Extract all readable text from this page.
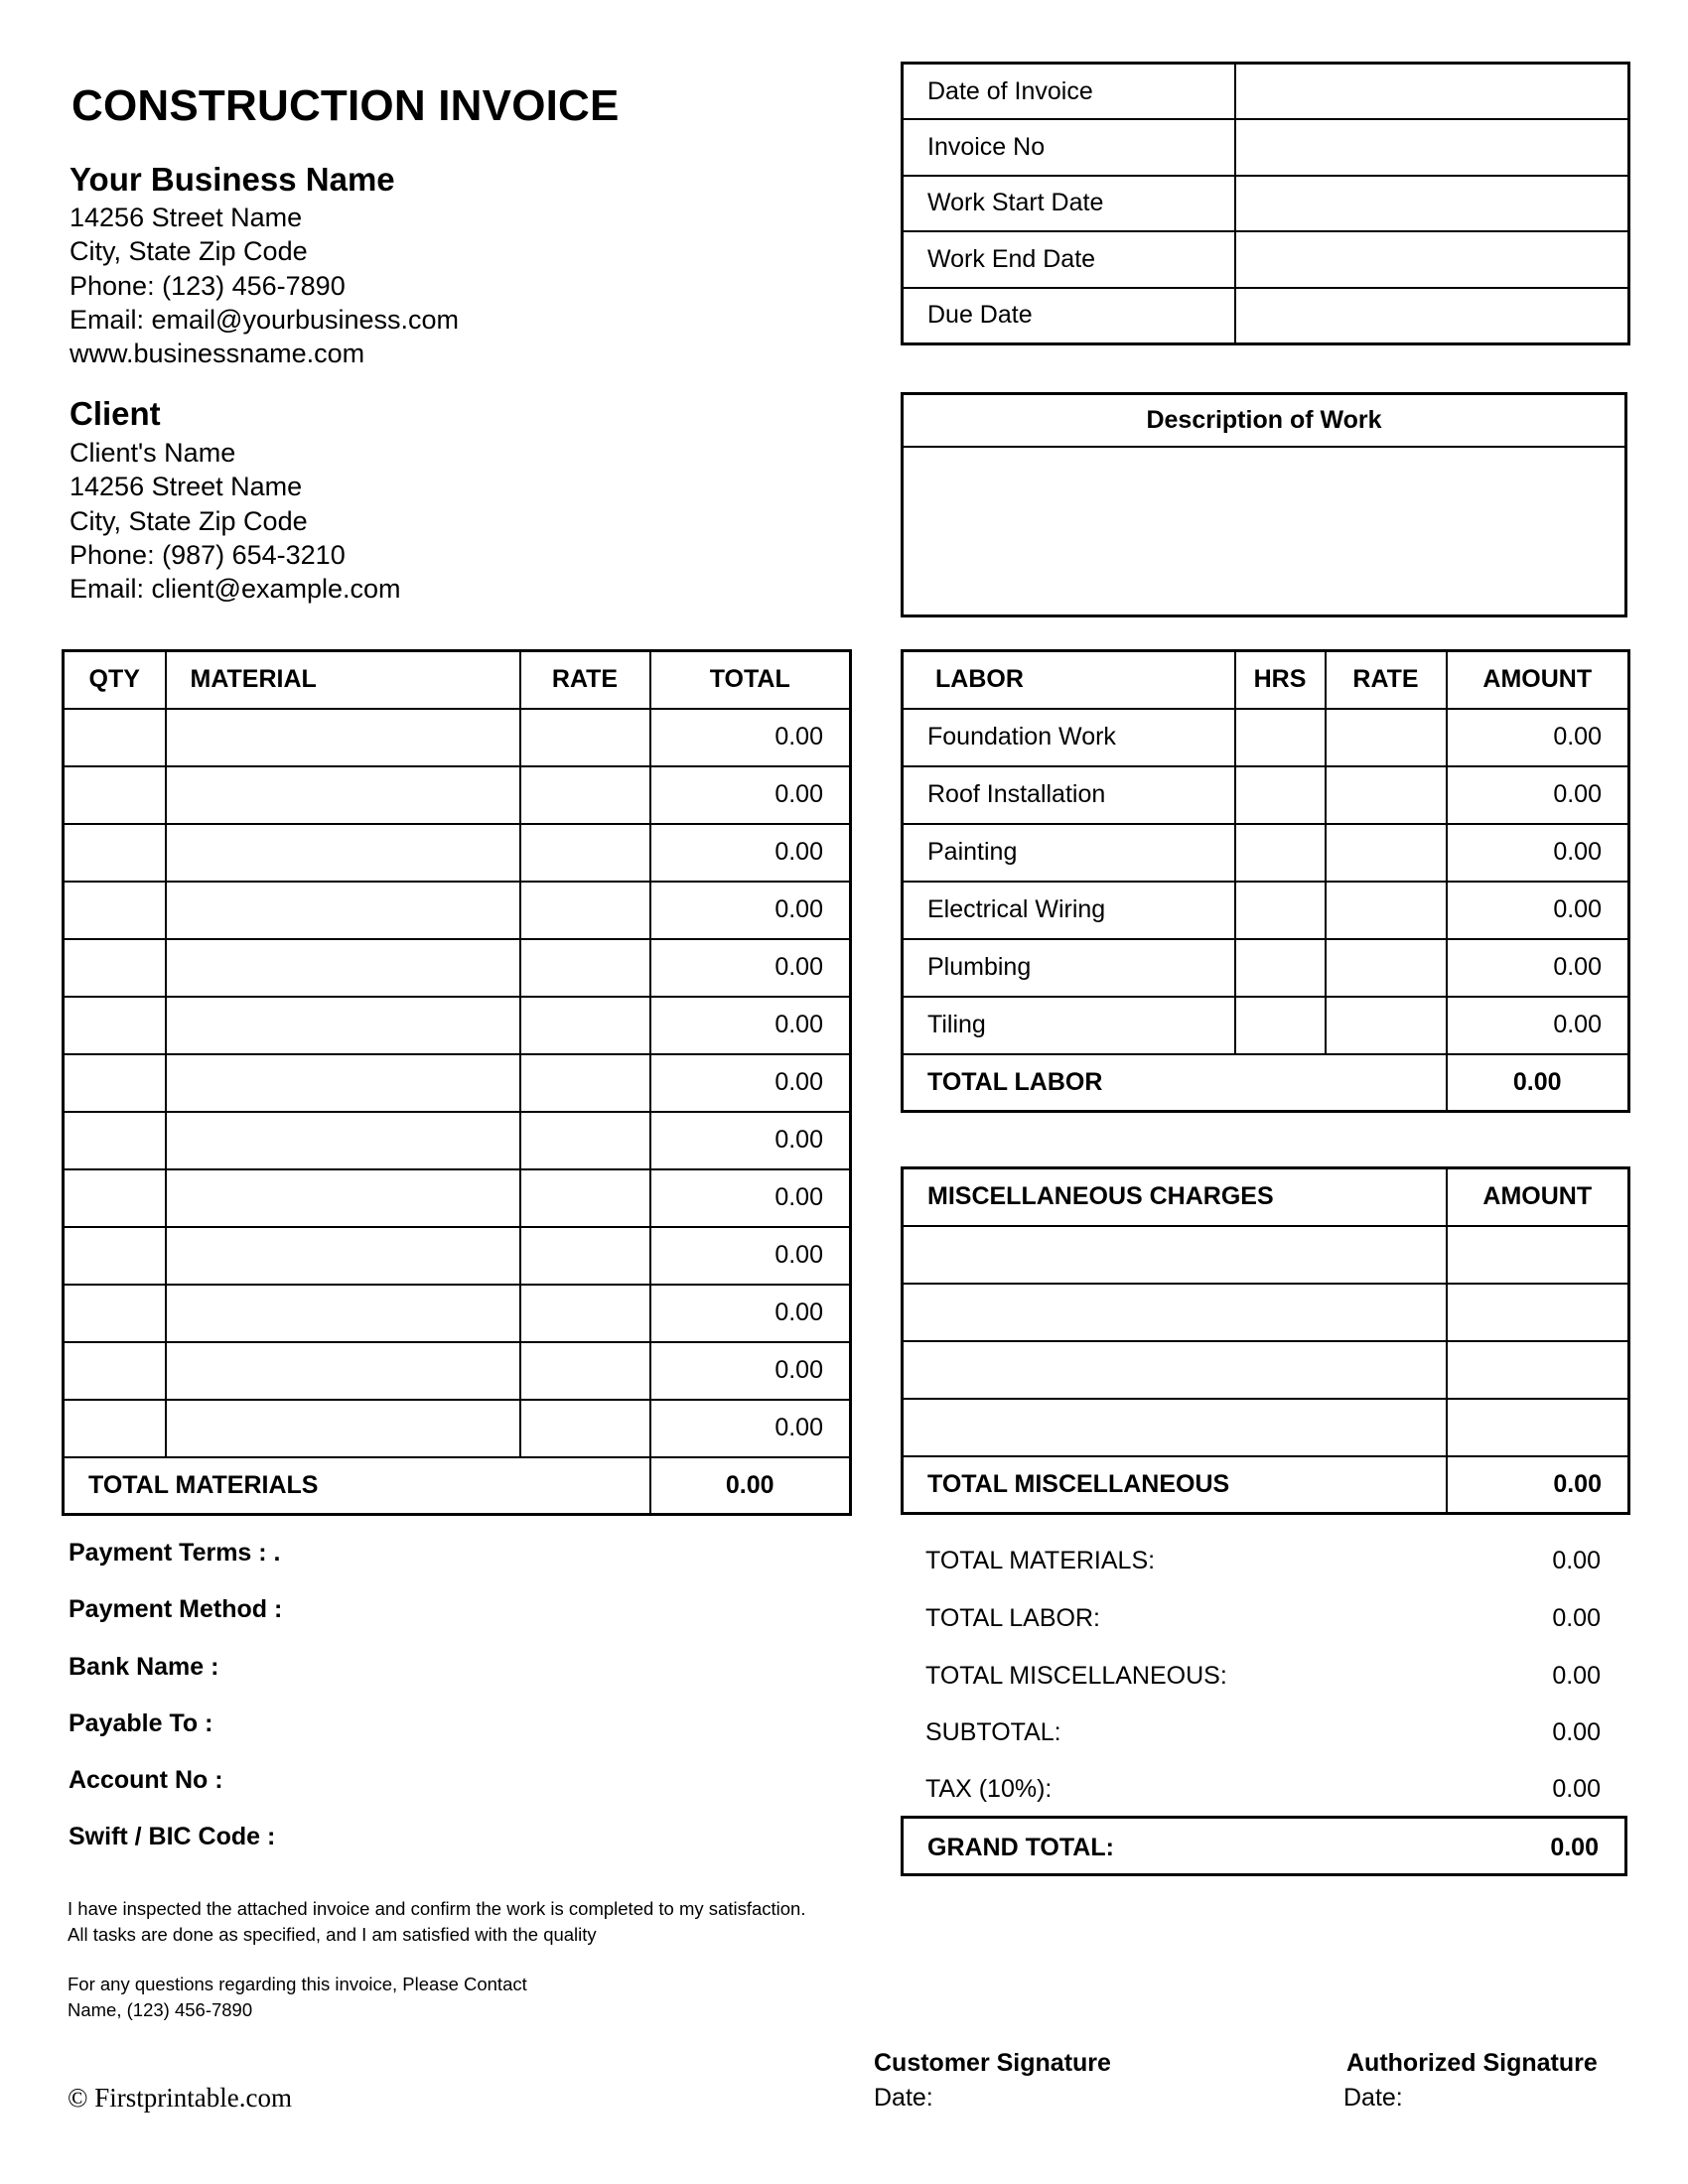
CONSTRUCTION INVOICE
Your Business Name
14256 Street Name
City, State Zip Code
Phone: (123) 456-7890
Email: email@yourbusiness.com
www.businessname.com
Client
Client's Name
14256 Street Name
City, State Zip Code
Phone: (987) 654-3210
Email: client@example.com
Date of Invoice	
Invoice No	
Work Start Date	
Work End Date	
Due Date	
Description of Work

QTY	MATERIAL	RATE	TOTAL
			0.00
			0.00
			0.00
			0.00
			0.00
			0.00
			0.00
			0.00
			0.00
			0.00
			0.00
			0.00
			0.00
TOTAL MATERIALS			0.00
LABOR	HRS	RATE	AMOUNT
Foundation Work			0.00
Roof Installation			0.00
Painting			0.00
Electrical Wiring			0.00
Plumbing			0.00
Tiling			0.00
TOTAL LABOR			0.00
MISCELLANEOUS CHARGES	AMOUNT

TOTAL MISCELLANEOUS	0.00
Payment Terms : .
Payment Method :
Bank Name :
Payable To :
Account No :
Swift / BIC Code :
TOTAL MATERIALS:	0.00
TOTAL LABOR:	0.00
TOTAL MISCELLANEOUS:	0.00
SUBTOTAL:	0.00
TAX (10%):	0.00
GRAND TOTAL:	0.00
I have inspected the attached invoice and confirm the work is completed to my satisfaction.
All tasks are done as specified, and I am satisfied with the quality
For any questions regarding this invoice, Please Contact
Name, (123) 456-7890
Customer Signature
Date:
Authorized Signature
Date:
© Firstprintable.com
